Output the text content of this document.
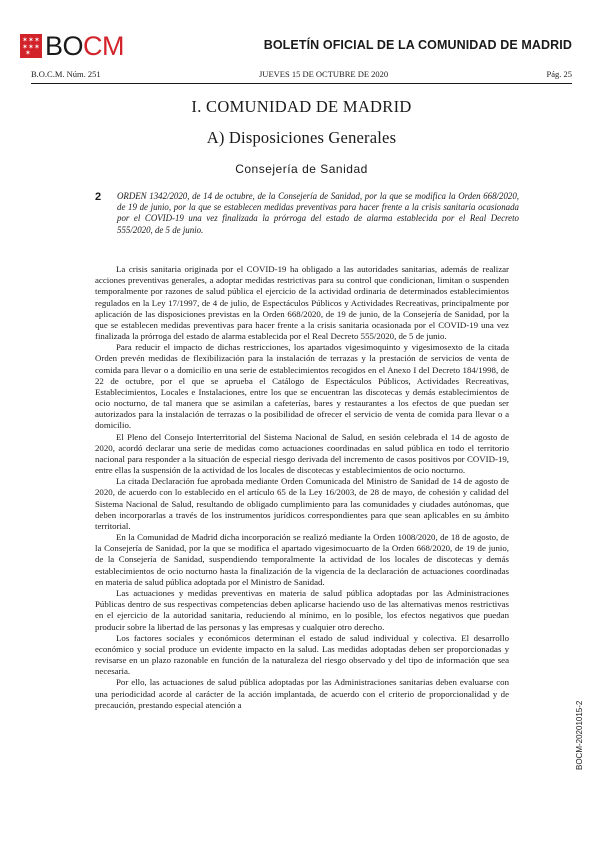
✶ ✶ ✶
✶ ✶ ✶
✶ BOCM	BOLETÍN OFICIAL DE LA COMUNIDAD DE MADRID
B.O.C.M. Núm. 251	JUEVES 15 DE OCTUBRE DE 2020	Pág. 25
I. COMUNIDAD DE MADRID
A) Disposiciones Generales
Consejería de Sanidad
2 ORDEN 1342/2020, de 14 de octubre, de la Consejería de Sanidad, por la que se modifica la Orden 668/2020, de 19 de junio, por la que se establecen medidas preventivas para hacer frente a la crisis sanitaria ocasionada por el COVID-19 una vez finalizada la prórroga del estado de alarma establecida por el Real Decreto 555/2020, de 5 de junio.

La crisis sanitaria originada por el COVID-19 ha obligado a las autoridades sanitarias, además de realizar acciones preventivas generales, a adoptar medidas restrictivas para su control que condicionan, limitan o suspenden temporalmente por razones de salud pública el ejercicio de la actividad ordinaria de determinados establecimientos regulados en la Ley 17/1997, de 4 de julio, de Espectáculos Públicos y Actividades Recreativas, principalmente por aplicación de las disposiciones previstas en la Orden 668/2020, de 19 de junio, de la Consejería de Sanidad, por la que se establecen medidas preventivas para hacer frente a la crisis sanitaria ocasionada por el COVID-19 una vez finalizada la prórroga del estado de alarma establecida por el Real Decreto 555/2020, de 5 de junio.

Para reducir el impacto de dichas restricciones, los apartados vigesimoquinto y vigesimosexto de la citada Orden prevén medidas de flexibilización para la instalación de terrazas y la prestación de servicios de venta de comida para llevar o a domicilio en una serie de establecimientos recogidos en el Anexo I del Decreto 184/1998, de 22 de octubre, por el que se aprueba el Catálogo de Espectáculos Públicos, Actividades Recreativas, Establecimientos, Locales e Instalaciones, entre los que se encuentran las discotecas y demás establecimientos de ocio nocturno, de tal manera que se asimilan a cafeterías, bares y restaurantes a los efectos de que puedan ser autorizados para la instalación de terrazas o la posibilidad de ofrecer el servicio de venta de comida para llevar o a domicilio.

El Pleno del Consejo Interterritorial del Sistema Nacional de Salud, en sesión celebrada el 14 de agosto de 2020, acordó declarar una serie de medidas como actuaciones coordinadas en salud pública en todo el territorio nacional para responder a la situación de especial riesgo derivada del incremento de casos positivos por COVID-19, entre ellas la suspensión de la actividad de los locales de discotecas y establecimientos de ocio nocturno.

La citada Declaración fue aprobada mediante Orden Comunicada del Ministro de Sanidad de 14 de agosto de 2020, de acuerdo con lo establecido en el artículo 65 de la Ley 16/2003, de 28 de mayo, de cohesión y calidad del Sistema Nacional de Salud, resultando de obligado cumplimiento para las comunidades y ciudades autónomas, que deben incorporarlas a través de los instrumentos jurídicos correspondientes para que sean aplicables en su ámbito territorial.

En la Comunidad de Madrid dicha incorporación se realizó mediante la Orden 1008/2020, de 18 de agosto, de la Consejería de Sanidad, por la que se modifica el apartado vigesimocuarto de la Orden 668/2020, de 19 de junio, de la Consejería de Sanidad, suspendiendo temporalmente la actividad de los locales de discotecas y demás establecimientos de ocio nocturno hasta la finalización de la vigencia de la declaración de actuaciones coordinadas en materia de salud pública adoptada por el Ministro de Sanidad.

Las actuaciones y medidas preventivas en materia de salud pública adoptadas por las Administraciones Públicas dentro de sus respectivas competencias deben aplicarse haciendo uso de las alternativas menos restrictivas en el ejercicio de la autoridad sanitaria, reduciendo al mínimo, en lo posible, los efectos negativos que puedan producir sobre la libertad de las personas y las empresas y cualquier otro derecho.

Los factores sociales y económicos determinan el estado de salud individual y colectiva. El desarrollo económico y social produce un evidente impacto en la salud. Las medidas adoptadas deben ser proporcionadas y revisarse en un plazo razonable en función de la naturaleza del riesgo observado y del tipo de información que sea necesaria.

Por ello, las actuaciones de salud pública adoptadas por las Administraciones sanitarias deben evaluarse con una periodicidad acorde al carácter de la acción implantada, de acuerdo con el criterio de proporcionalidad y de precaución, prestando especial atención a	BOCM-20201015-2
